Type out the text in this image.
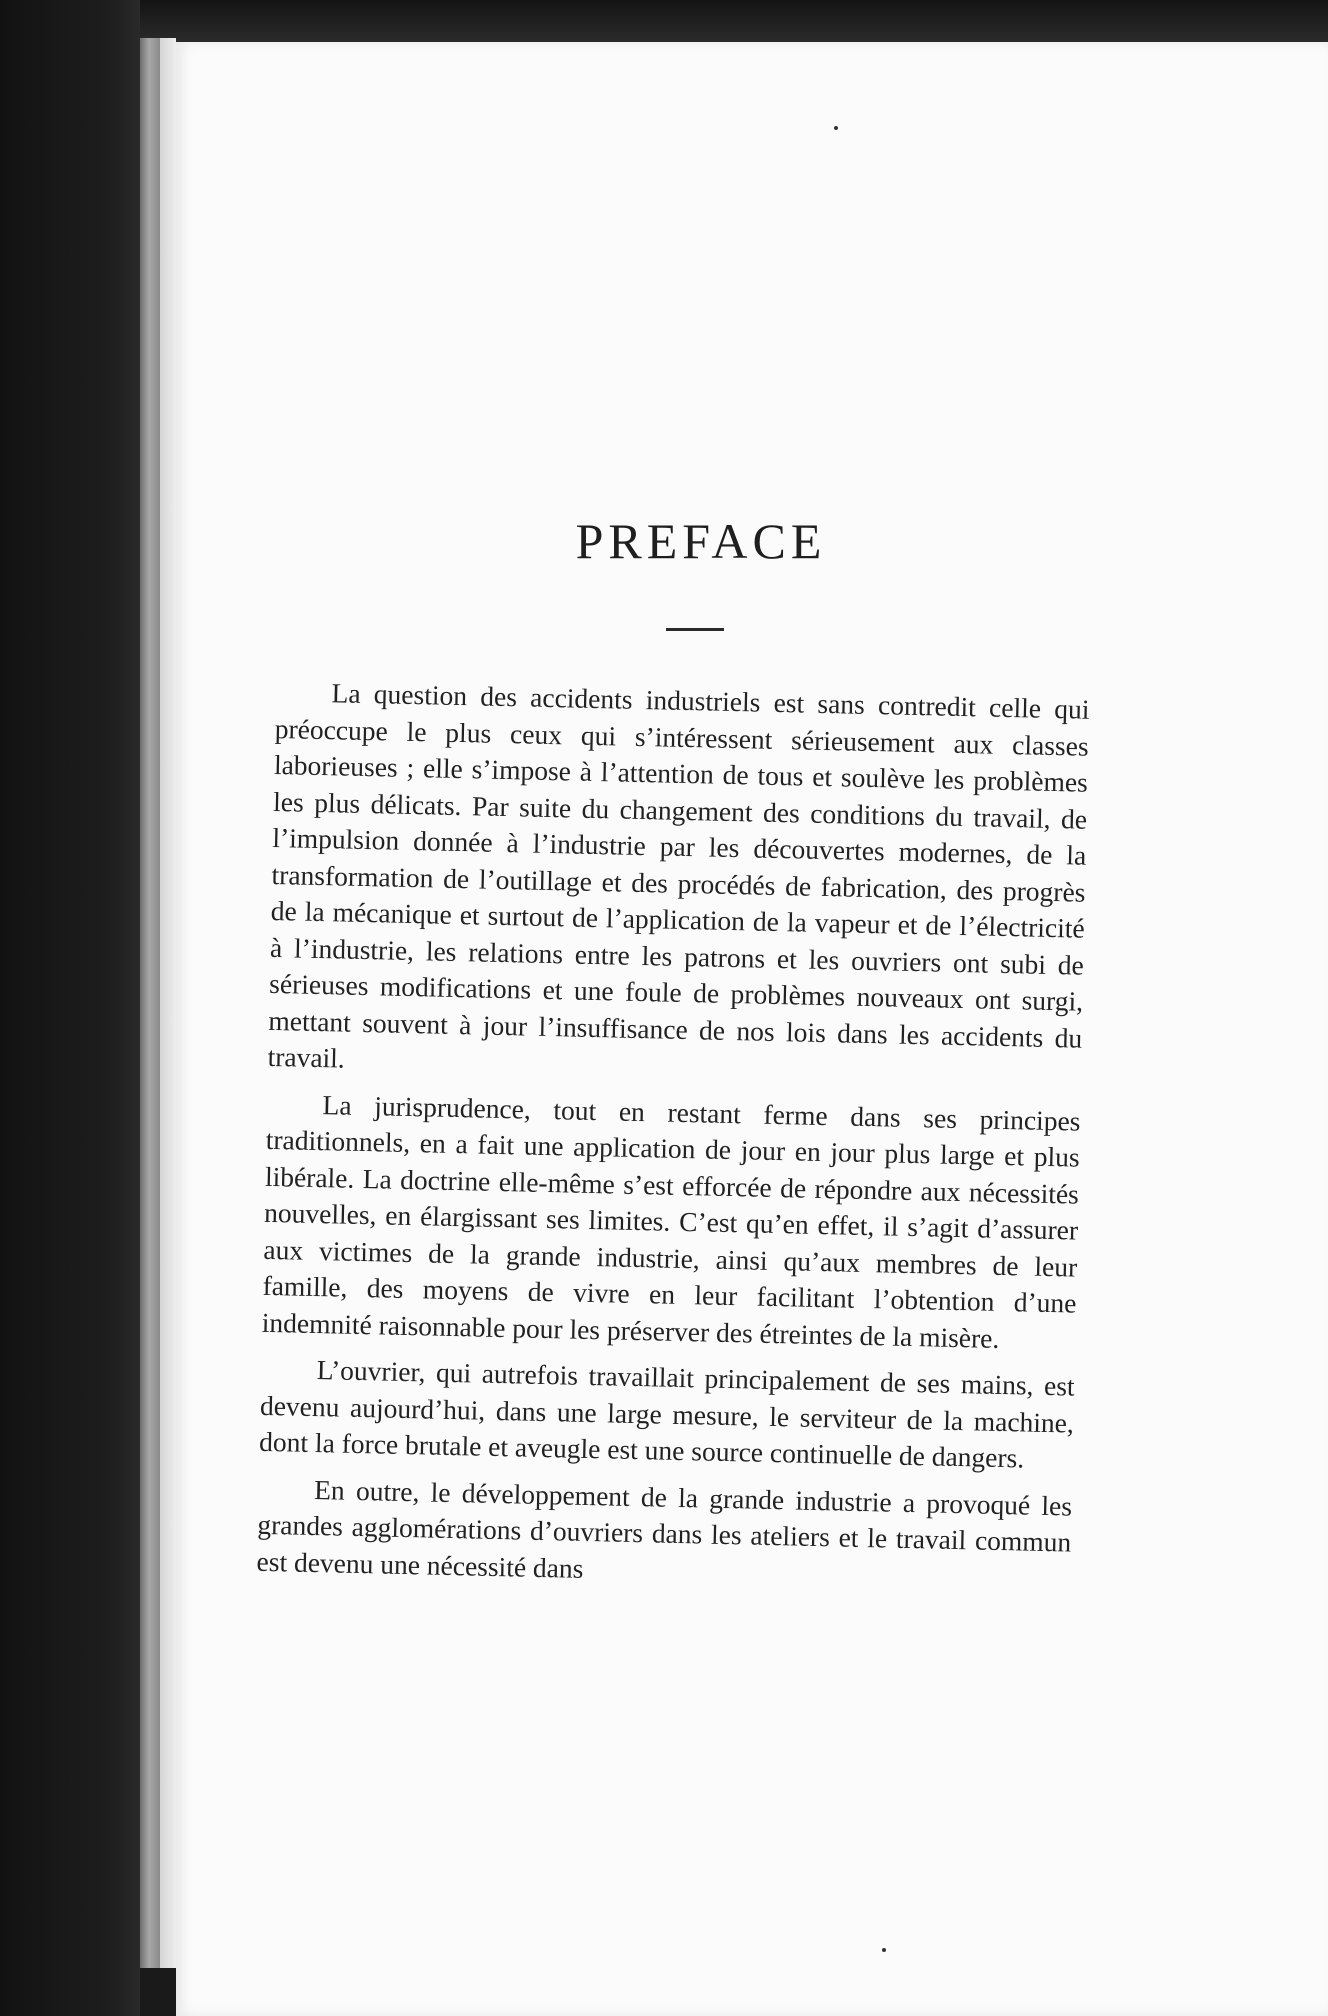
PREFACE

La question des accidents industriels est sans contredit celle qui préoccupe le plus ceux qui s’intéressent sérieusement aux classes laborieuses ; elle s’impose à l’attention de tous et soulève les problèmes les plus délicats. Par suite du changement des conditions du travail, de l’impulsion donnée à l’industrie par les découvertes modernes, de la transformation de l’outillage et des procédés de fabrication, des progrès de la mécanique et surtout de l’application de la vapeur et de l’électricité à l’industrie, les relations entre les patrons et les ouvriers ont subi de sérieuses modifications et une foule de problèmes nouveaux ont surgi, mettant souvent à jour l’insuffisance de nos lois dans les accidents du travail.

La jurisprudence, tout en restant ferme dans ses principes traditionnels, en a fait une application de jour en jour plus large et plus libérale. La doctrine elle-même s’est efforcée de répondre aux nécessités nouvelles, en élargissant ses limites. C’est qu’en effet, il s’agit d’assurer aux victimes de la grande industrie, ainsi qu’aux membres de leur famille, des moyens de vivre en leur facilitant l’obtention d’une indemnité raisonnable pour les préserver des étreintes de la misère.

L’ouvrier, qui autrefois travaillait principalement de ses mains, est devenu aujourd’hui, dans une large mesure, le serviteur de la machine, dont la force brutale et aveugle est une source continuelle de dangers.

En outre, le développement de la grande industrie a provoqué les grandes agglomérations d’ouvriers dans les ateliers et le travail commun est devenu une nécessité dans
